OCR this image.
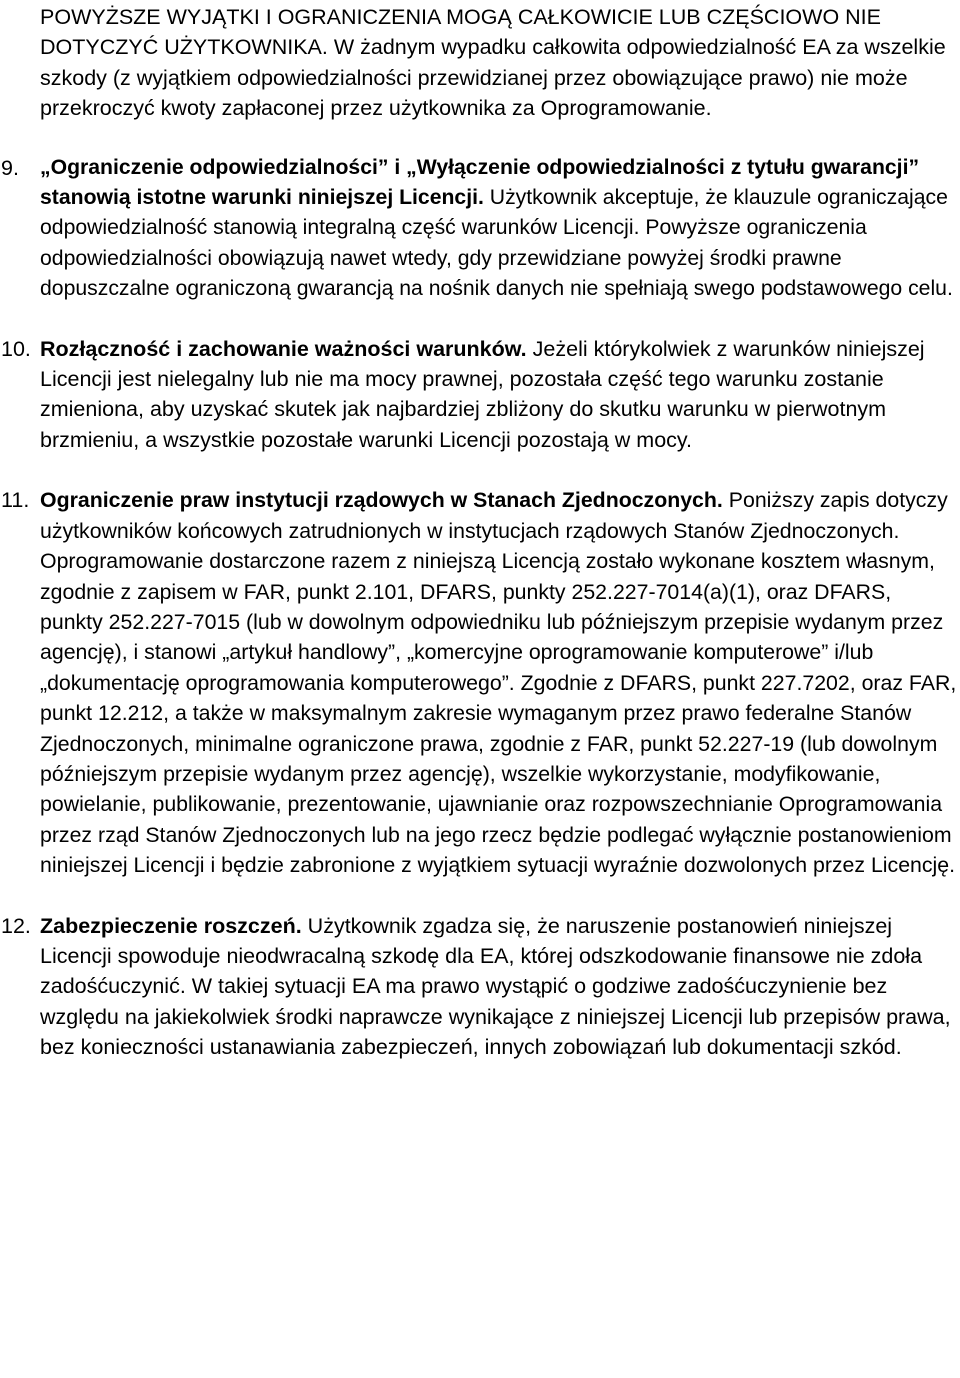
POWYŻSZE WYJĄTKI I OGRANICZENIA MOGĄ CAŁKOWICIE LUB CZĘŚCIOWO NIE DOTYCZYĆ UŻYTKOWNIKA. W żadnym wypadku całkowita odpowiedzialność EA za wszelkie szkody (z wyjątkiem odpowiedzialności przewidzianej przez obowiązujące prawo) nie może przekroczyć kwoty zapłaconej przez użytkownika za Oprogramowanie.

9. „Ograniczenie odpowiedzialności” i „Wyłączenie odpowiedzialności z tytułu gwarancji” stanowią istotne warunki niniejszej Licencji. Użytkownik akceptuje, że klauzule ograniczające odpowiedzialność stanowią integralną część warunków Licencji. Powyższe ograniczenia odpowiedzialności obowiązują nawet wtedy, gdy przewidziane powyżej środki prawne dopuszczalne ograniczoną gwarancją na nośnik danych nie spełniają swego podstawowego celu.

10. Rozłączność i zachowanie ważności warunków. Jeżeli którykolwiek z warunków niniejszej Licencji jest nielegalny lub nie ma mocy prawnej, pozostała część tego warunku zostanie zmieniona, aby uzyskać skutek jak najbardziej zbliżony do skutku warunku w pierwotnym brzmieniu, a wszystkie pozostałe warunki Licencji pozostają w mocy.

11. Ograniczenie praw instytucji rządowych w Stanach Zjednoczonych. Poniższy zapis dotyczy użytkowników końcowych zatrudnionych w instytucjach rządowych Stanów Zjednoczonych. Oprogramowanie dostarczone razem z niniejszą Licencją zostało wykonane kosztem własnym, zgodnie z zapisem w FAR, punkt 2.101, DFARS, punkty 252.227-7014(a)(1), oraz DFARS, punkty 252.227-7015 (lub w dowolnym odpowiedniku lub późniejszym przepisie wydanym przez agencję), i stanowi „artykuł handlowy”, „komercyjne oprogramowanie komputerowe” i/lub „dokumentację oprogramowania komputerowego”. Zgodnie z DFARS, punkt 227.7202, oraz FAR, punkt 12.212, a także w maksymalnym zakresie wymaganym przez prawo federalne Stanów Zjednoczonych, minimalne ograniczone prawa, zgodnie z FAR, punkt 52.227-19 (lub dowolnym późniejszym przepisie wydanym przez agencję), wszelkie wykorzystanie, modyfikowanie, powielanie, publikowanie, prezentowanie, ujawnianie oraz rozpowszechnianie Oprogramowania przez rząd Stanów Zjednoczonych lub na jego rzecz będzie podlegać wyłącznie postanowieniom niniejszej Licencji i będzie zabronione z wyjątkiem sytuacji wyraźnie dozwolonych przez Licencję.

12. Zabezpieczenie roszczeń. Użytkownik zgadza się, że naruszenie postanowień niniejszej Licencji spowoduje nieodwracalną szkodę dla EA, której odszkodowanie finansowe nie zdoła zadośćuczynić. W takiej sytuacji EA ma prawo wystąpić o godziwe zadośćuczynienie bez względu na jakiekolwiek środki naprawcze wynikające z niniejszej Licencji lub przepisów prawa, bez konieczności ustanawiania zabezpieczeń, innych zobowiązań lub dokumentacji szkód.
